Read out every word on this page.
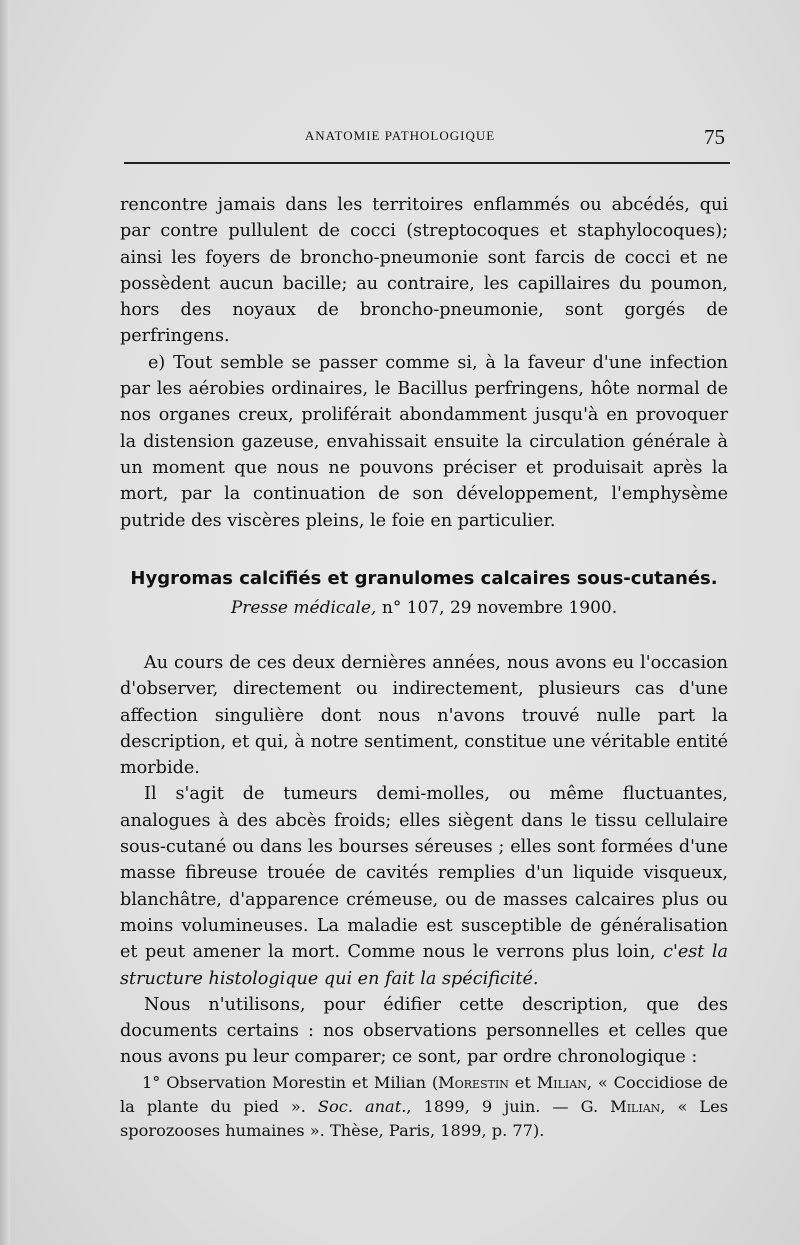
ANATOMIE PATHOLOGIQUE	75

rencontre jamais dans les territoires enflammés ou abcédés, qui par contre pullulent de cocci (streptocoques et staphylocoques); ainsi les foyers de broncho-pneumonie sont farcis de cocci et ne possèdent aucun bacille; au contraire, les capillaires du poumon, hors des noyaux de broncho-pneumonie, sont gorgés de perfringens.

e) Tout semble se passer comme si, à la faveur d'une infection par les aérobies ordinaires, le Bacillus perfringens, hôte normal de nos organes creux, proliférait abondamment jusqu'à en provoquer la distension gazeuse, envahissait ensuite la circulation générale à un moment que nous ne pouvons préciser et produisait après la mort, par la continuation de son développement, l'emphysème putride des viscères pleins, le foie en particulier.

Hygromas calcifiés et granulomes calcaires sous-cutanés.
Presse médicale, n° 107, 29 novembre 1900.

Au cours de ces deux dernières années, nous avons eu l'occasion d'observer, directement ou indirectement, plusieurs cas d'une affection singulière dont nous n'avons trouvé nulle part la description, et qui, à notre sentiment, constitue une véritable entité morbide.

Il s'agit de tumeurs demi-molles, ou même fluctuantes, analogues à des abcès froids; elles siègent dans le tissu cellulaire sous-cutané ou dans les bourses séreuses ; elles sont formées d'une masse fibreuse trouée de cavités remplies d'un liquide visqueux, blanchâtre, d'apparence crémeuse, ou de masses calcaires plus ou moins volumineuses. La maladie est susceptible de généralisation et peut amener la mort. Comme nous le verrons plus loin, c'est la structure histologique qui en fait la spécificité.

Nous n'utilisons, pour édifier cette description, que des documents certains : nos observations personnelles et celles que nous avons pu leur comparer; ce sont, par ordre chronologique :

1° Observation Morestin et Milian (Morestin et Milian, « Coccidiose de la plante du pied ». Soc. anat., 1899, 9 juin. — G. Milian, « Les sporozooses humaines ». Thèse, Paris, 1899, p. 77).
